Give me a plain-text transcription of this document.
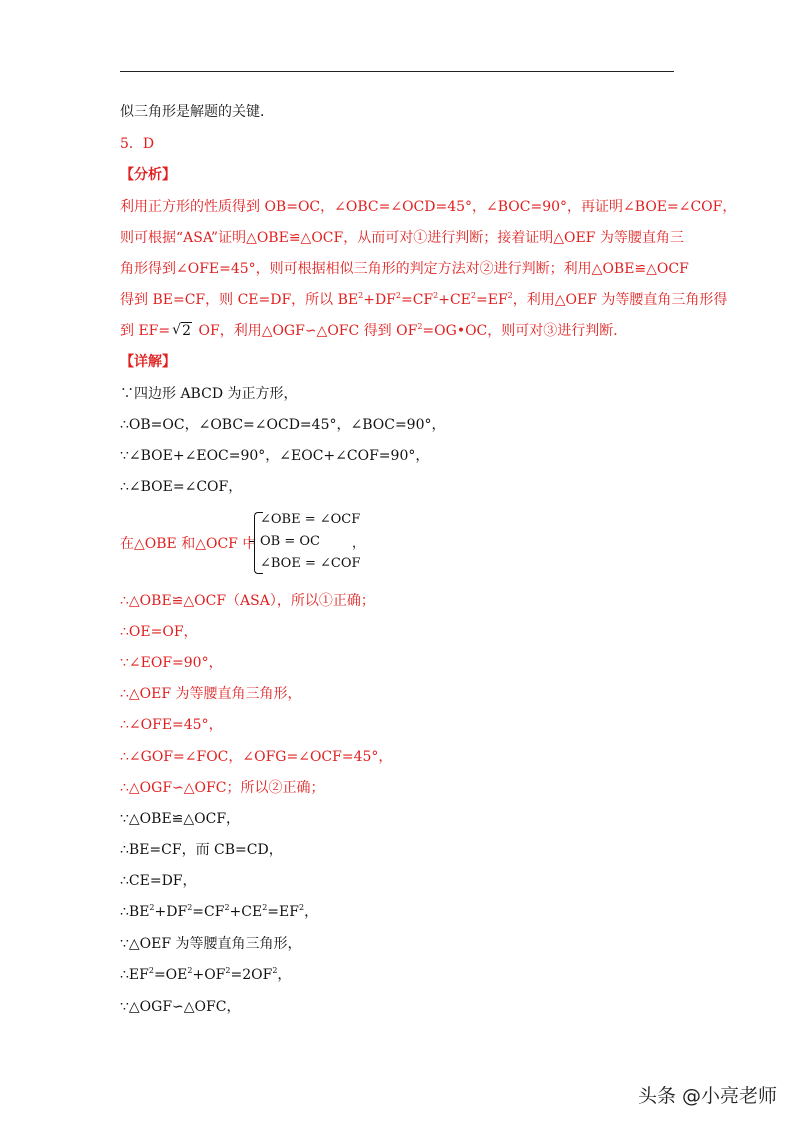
似三角形是解题的关键．
5．D
【分析】
利用正方形的性质得到 OB=OC，∠OBC=∠OCD=45°，∠BOC=90°，再证明∠BOE=∠COF，
则可根据“ASA”证明△OBE≌△OCF，从而可对①进行判断；接着证明△OEF 为等腰直角三
角形得到∠OFE=45°，则可根据相似三角形的判定方法对②进行判断；利用△OBE≌△OCF
得到 BE=CF，则 CE=DF，所以 $BE^2+DF^2=CF^2+CE^2=EF^2$，利用△OEF 为等腰直角三角形得
到 EF=√ 2 OF，利用△OGF∽△OFC 得到 $OF^2=OG•OC$，则可对③进行判断．
【详解】
∵四边形 ABCD 为正方形，
∴OB=OC，∠OBC=∠OCD=45°，∠BOC=90°，
∵∠BOE+∠EOC=90°，∠EOC+∠COF=90°，
∴∠BOE=∠COF，
在△OBE 和△OCF 中
∠OBE = ∠OCF
OB = OC
∠BOE = ∠COF
，
∴△OBE≌△OCF（ASA），所以①正确；
∴OE=OF，
∵∠EOF=90°，
∴△OEF 为等腰直角三角形，
∴∠OFE=45°，
∴∠GOF=∠FOC，∠OFG=∠OCF=45°，
∴△OGF∽△OFC；所以②正确；
∵△OBE≌△OCF，
∴BE=CF，而 CB=CD，
∴CE=DF，
$\therefore BE^2+DF^2=CF^2+CE^2=EF^2$，
∵△OEF 为等腰直角三角形，
$\therefore EF^2=OE^2+OF^2=2OF^2$，
∵△OGF∽△OFC，
头条 @小亮老师
